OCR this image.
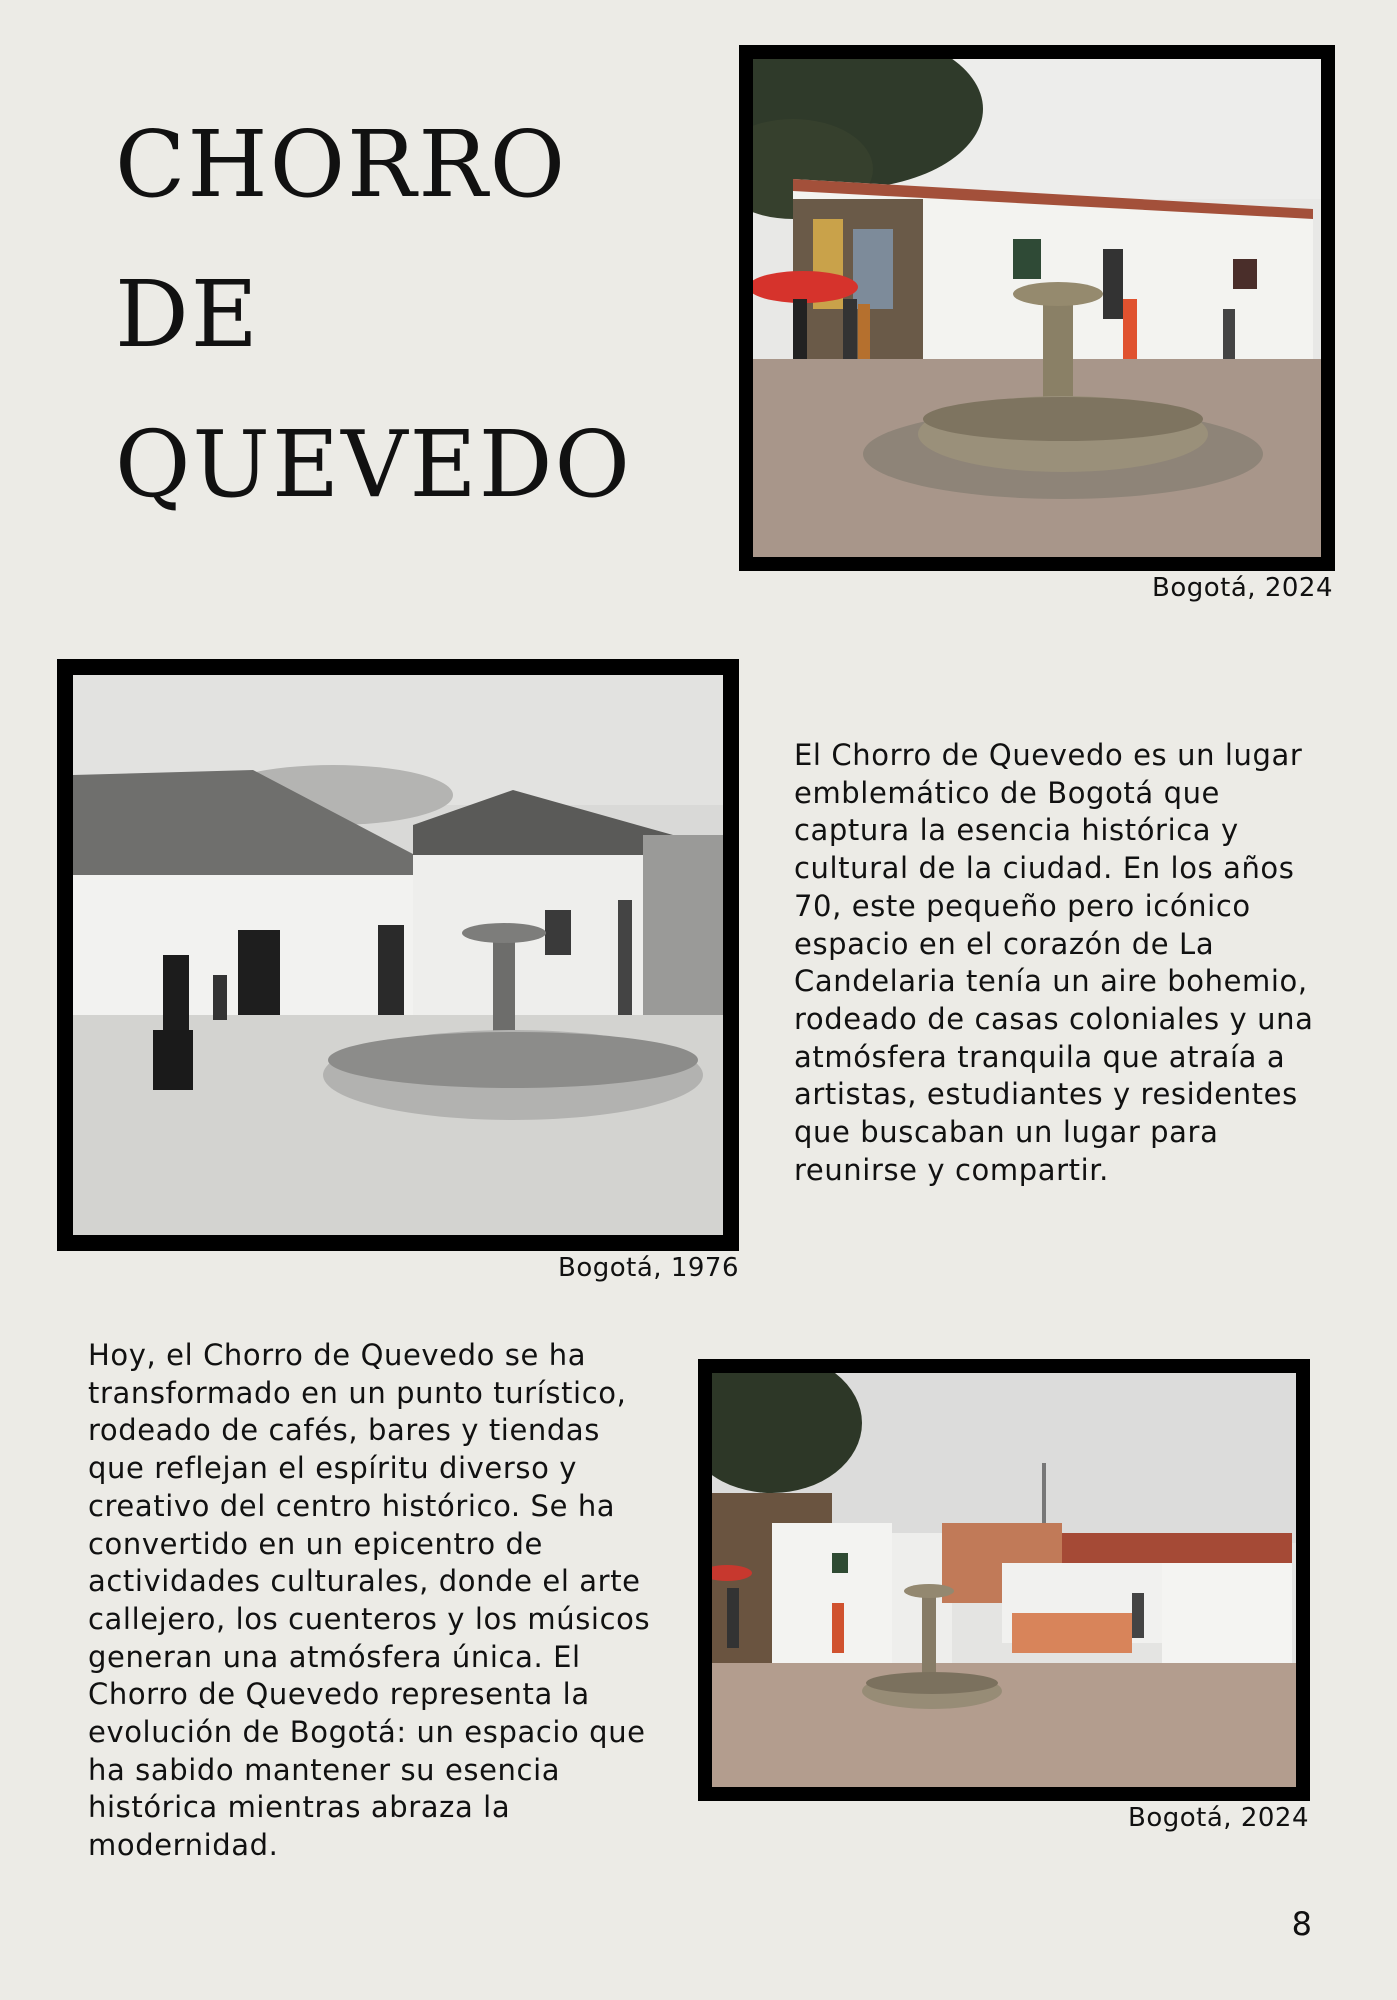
CHORRO
DE
QUEVEDO
Bogotá, 2024
Bogotá, 1976

El Chorro de Quevedo es un lugar emblemático de Bogotá que captura la esencia histórica y cultural de la ciudad. En los años 70, este pequeño pero icónico espacio en el corazón de La Candelaria tenía un aire bohemio, rodeado de casas coloniales y una atmósfera tranquila que atraía a artistas, estudiantes y residentes que buscaban un lugar para reunirse y compartir.

Hoy, el Chorro de Quevedo se ha transformado en un punto turístico, rodeado de cafés, bares y tiendas que reflejan el espíritu diverso y creativo del centro histórico. Se ha convertido en un epicentro de actividades culturales, donde el arte callejero, los cuenteros y los músicos generan una atmósfera única. El Chorro de Quevedo representa la evolución de Bogotá: un espacio que ha sabido mantener su esencia histórica mientras abraza la modernidad.

Bogotá, 2024
8
